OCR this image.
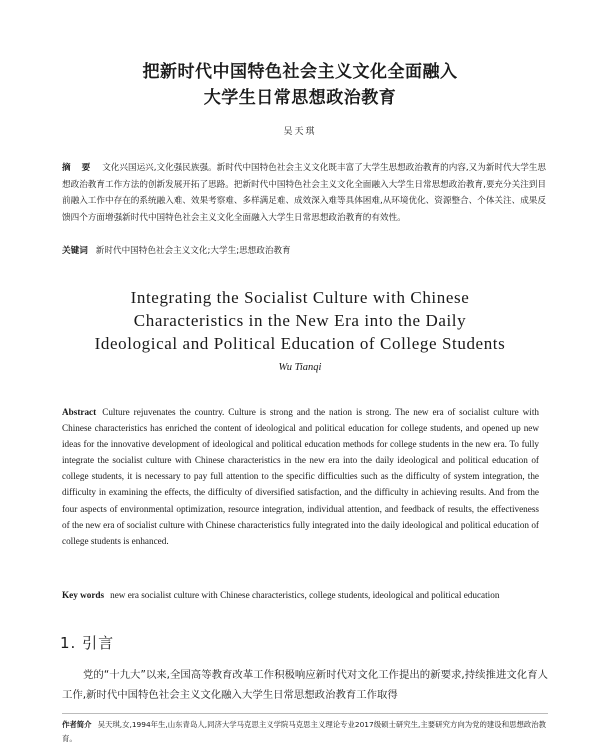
把新时代中国特色社会主义文化全面融入
大学生日常思想政治教育
吴天琪
摘 要 文化兴国运兴,文化强民族强。新时代中国特色社会主义文化既丰富了大学生思想政治教育的内容,又为新时代大学生思想政治教育工作方法的创新发展开拓了思路。把新时代中国特色社会主义文化全面融入大学生日常思想政治教育,要充分关注到目前融入工作中存在的系统融入难、效果考察难、多样满足难、成效深入难等具体困难,从环境优化、资源整合、个体关注、成果反馈四个方面增强新时代中国特色社会主义文化全面融入大学生日常思想政治教育的有效性。
关键词 新时代中国特色社会主义文化;大学生;思想政治教育
Integrating the Socialist Culture with Chinese
Characteristics in the New Era into the Daily
Ideological and Political Education of College Students
Wu Tianqi
Abstract Culture rejuvenates the country. Culture is strong and the nation is strong. The new era of socialist culture with Chinese characteristics has enriched the content of ideological and political education for college students, and opened up new ideas for the innovative development of ideological and political education methods for college students in the new era. To fully integrate the socialist culture with Chinese characteristics in the new era into the daily ideological and political education of college students, it is necessary to pay full attention to the specific difficulties such as the difficulty of system integration, the difficulty in examining the effects, the difficulty of diversified satisfaction, and the difficulty in achieving results. And from the four aspects of environmental optimization, resource integration, individual attention, and feedback of results, the effectiveness of the new era of socialist culture with Chinese characteristics fully integrated into the daily ideological and political education of college students is enhanced.
Key words new era socialist culture with Chinese characteristics, college students, ideological and political education
1. 引言
党的“十九大”以来,全国高等教育改革工作积极响应新时代对文化工作提出的新要求,持续推进文化育人工作,新时代中国特色社会主义文化融入大学生日常思想政治教育工作取得
作者简介 吴天琪,女,1994年生,山东青岛人,同济大学马克思主义学院马克思主义理论专业2017级硕士研究生,主要研究方向为党的建设和思想政治教育。
